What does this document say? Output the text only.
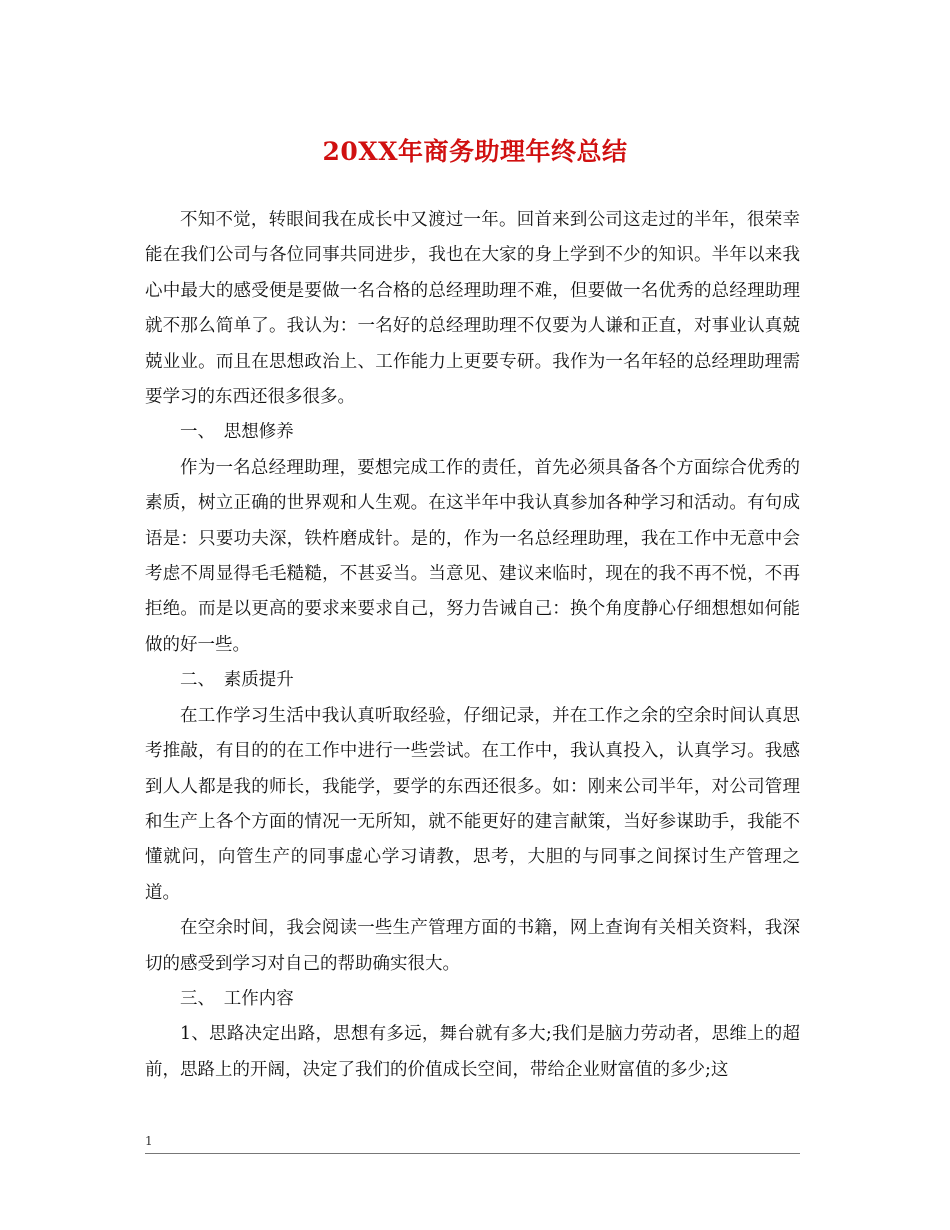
20XX年商务助理年终总结

不知不觉，转眼间我在成长中又渡过一年。回首来到公司这走过的半年，很荣幸能在我们公司与各位同事共同进步，我也在大家的身上学到不少的知识。半年以来我心中最大的感受便是要做一名合格的总经理助理不难，但要做一名优秀的总经理助理就不那么简单了。我认为：一名好的总经理助理不仅要为人谦和正直，对事业认真兢兢业业。而且在思想政治上、工作能力上更要专研。我作为一名年轻的总经理助理需要学习的东西还很多很多。

一、　思想修养

作为一名总经理助理，要想完成工作的责任，首先必须具备各个方面综合优秀的素质，树立正确的世界观和人生观。在这半年中我认真参加各种学习和活动。有句成语是：只要功夫深，铁杵磨成针。是的，作为一名总经理助理，我在工作中无意中会考虑不周显得毛毛糙糙，不甚妥当。当意见、建议来临时，现在的我不再不悦，不再拒绝。而是以更高的要求来要求自己，努力告诫自己：换个角度静心仔细想想如何能做的好一些。

二、　素质提升

在工作学习生活中我认真听取经验，仔细记录，并在工作之余的空余时间认真思考推敲，有目的的在工作中进行一些尝试。在工作中，我认真投入，认真学习。我感到人人都是我的师长，我能学，要学的东西还很多。如：刚来公司半年，对公司管理和生产上各个方面的情况一无所知，就不能更好的建言献策，当好参谋助手，我能不懂就问，向管生产的同事虚心学习请教，思考，大胆的与同事之间探讨生产管理之道。

在空余时间，我会阅读一些生产管理方面的书籍，网上查询有关相关资料，我深切的感受到学习对自己的帮助确实很大。

三、　工作内容

1、思路决定出路，思想有多远，舞台就有多大;我们是脑力劳动者，思维上的超前，思路上的开阔，决定了我们的价值成长空间，带给企业财富值的多少;这

1
